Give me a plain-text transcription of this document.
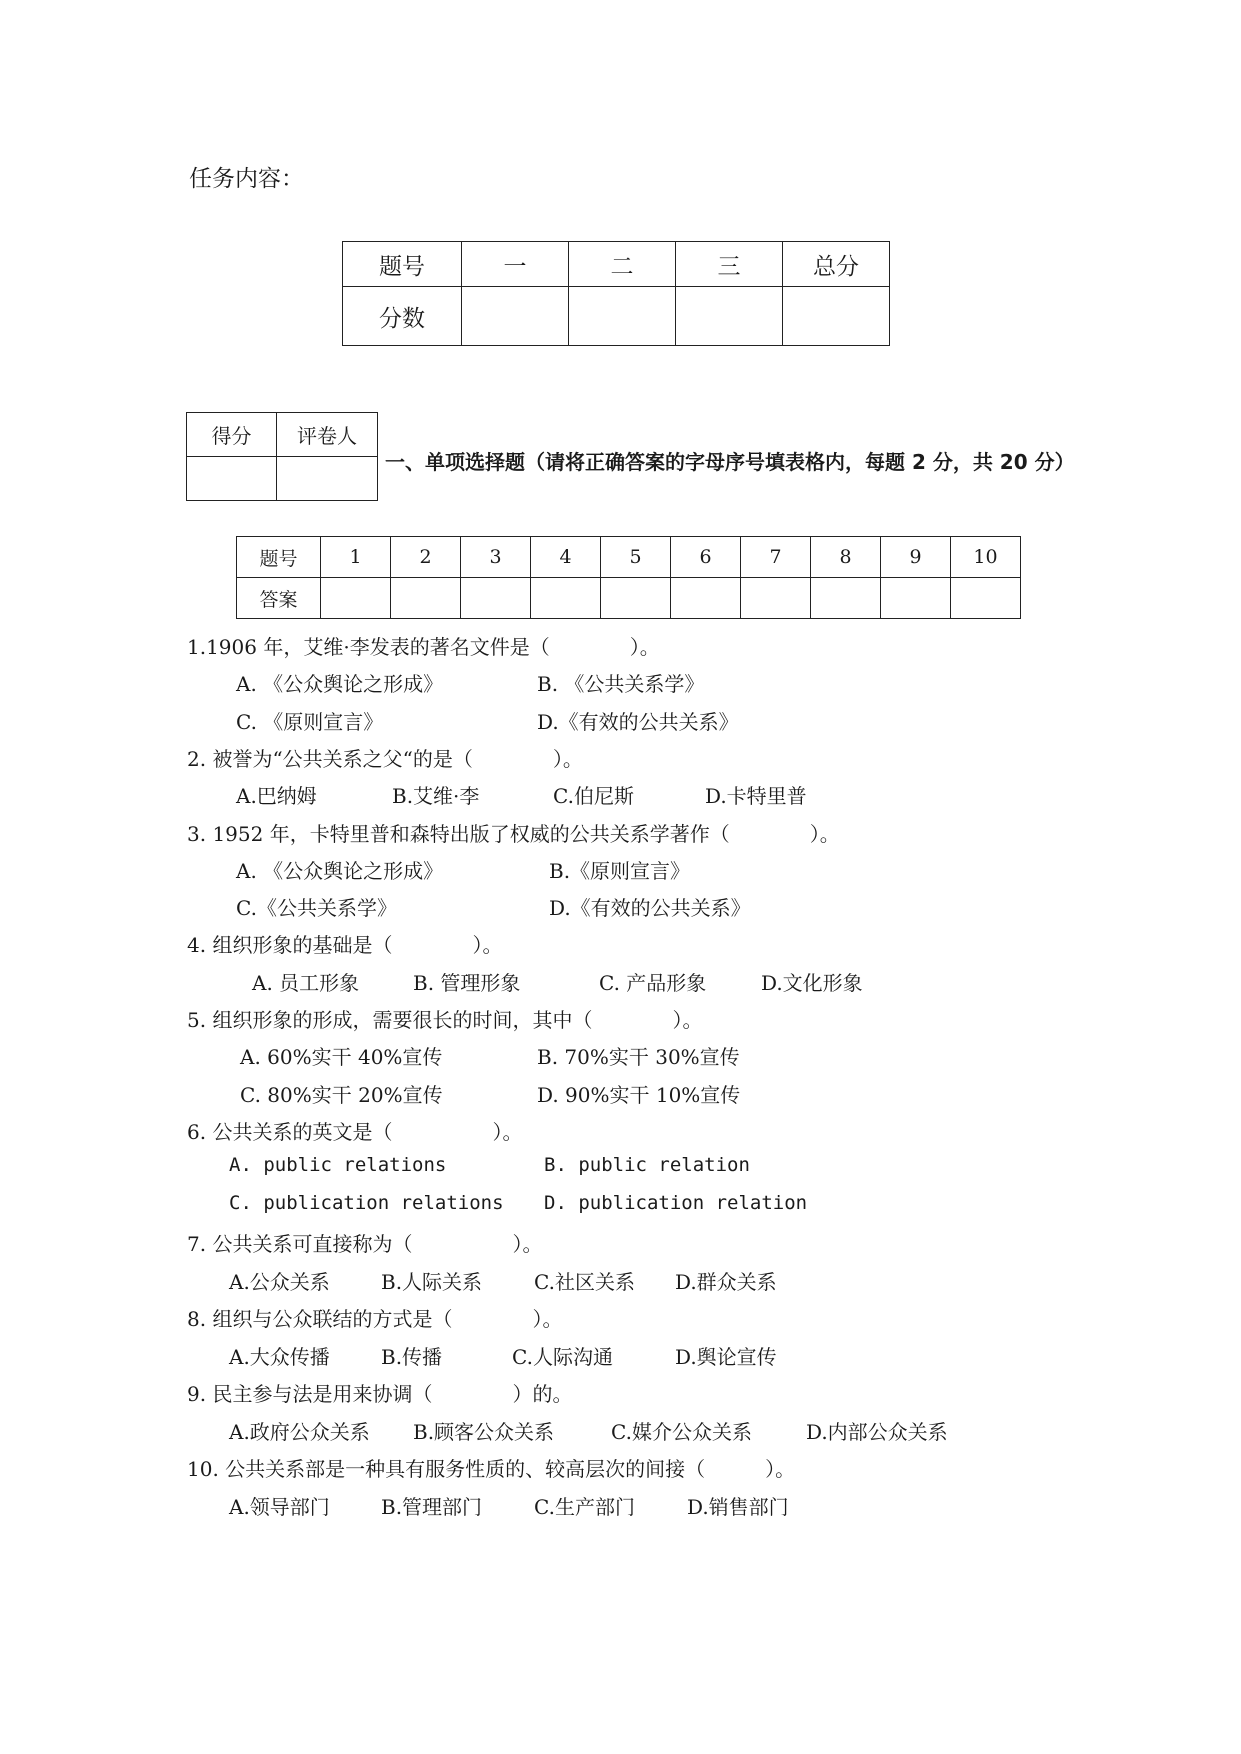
任务内容：
题号	一	二	三	总分
分数				
得分	评卷人

一、单项选择题（请将正确答案的字母序号填表格内，每题 2 分，共 20 分）
题号	1	2	3	4	5	6	7	8	9	10
答案										
1.1906 年，艾维·李发表的著名文件是（　　　　）。
A. 《公众舆论之形成》	B. 《公共关系学》
C. 《原则宣言》	D.《有效的公共关系》
2. 被誉为“公共关系之父“的是（　　　　）。
A.巴纳姆	B.艾维·李	C.伯尼斯	D.卡特里普
3. 1952 年，卡特里普和森特出版了权威的公共关系学著作（　　　　）。
A. 《公众舆论之形成》	B.《原则宣言》
C.《公共关系学》	D.《有效的公共关系》
4. 组织形象的基础是（　　　　）。
A. 员工形象	B. 管理形象	C. 产品形象	D.文化形象
5. 组织形象的形成，需要很长的时间，其中（　　　　）。
A. 60%实干 40%宣传	B. 70%实干 30%宣传
C. 80%实干 20%宣传	D. 90%实干 10%宣传
6. 公共关系的英文是（　　　　　）。
A. public relations	B. public relation
C. publication relations D. publication relation
7. 公共关系可直接称为（　　　　　）。
A.公众关系	B.人际关系	C.社区关系 D.群众关系
8. 组织与公众联结的方式是（　　　　）。
A.大众传播	B.传播	C.人际沟通	D.舆论宣传
9. 民主参与法是用来协调（　　　　）的。
A.政府公众关系 B.顾客公众关系	C.媒介公众关系	D.内部公众关系
10. 公共关系部是一种具有服务性质的、较高层次的间接（　　　）。
A.领导部门	B.管理部门	C.生产部门	D.销售部门
